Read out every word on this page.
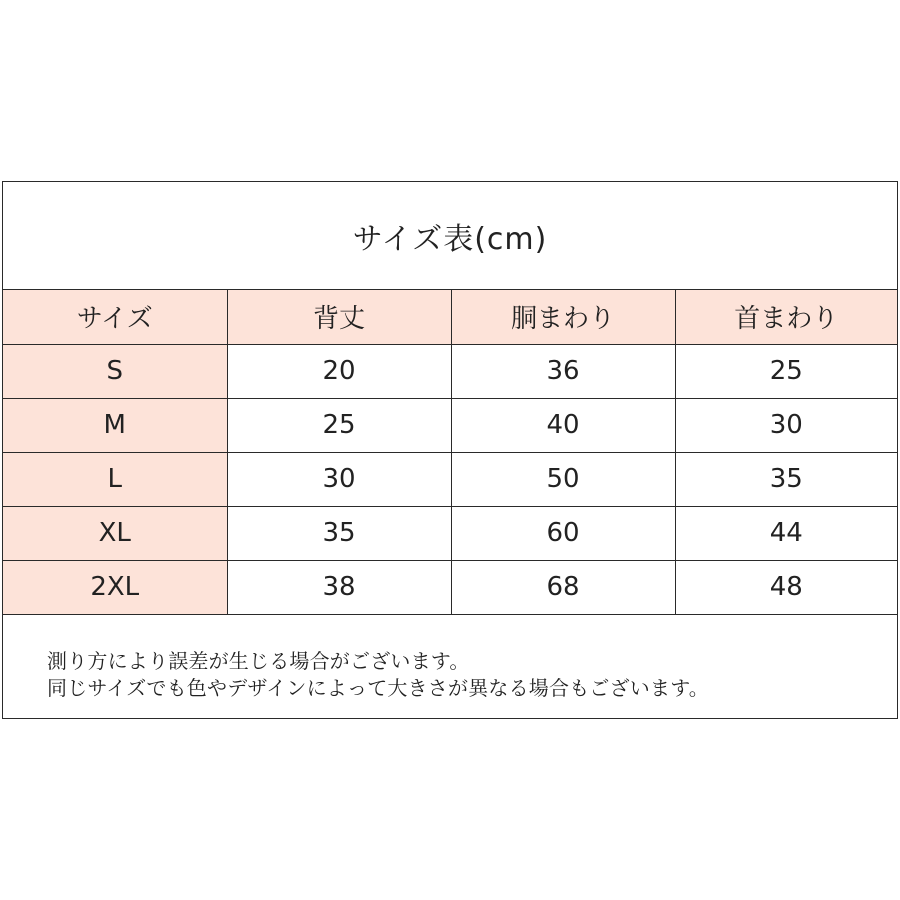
サイズ表(cm)
サイズ	背丈	胴まわり	首まわり
S	20	36	25
M	25	40	30
L	30	50	35
XL	35	60	44
2XL	38	68	48
測り方により誤差が生じる場合がございます。
同じサイズでも色やデザインによって大きさが異なる場合もございます。
